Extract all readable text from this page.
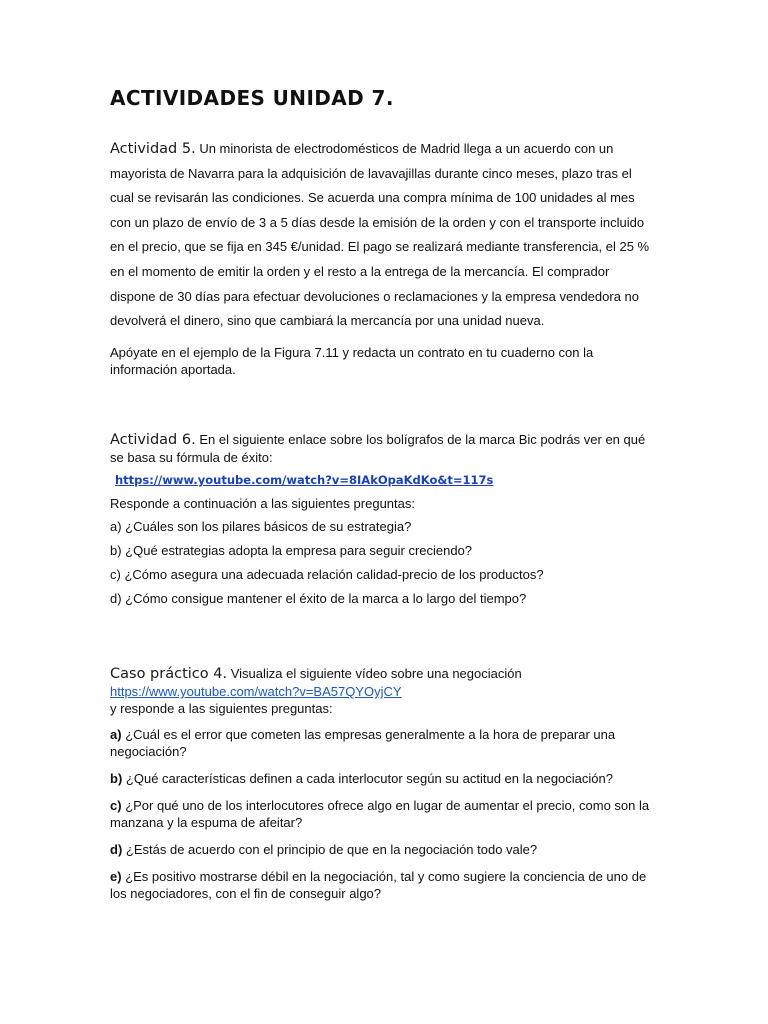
ACTIVIDADES UNIDAD 7.

Actividad 5. Un minorista de electrodomésticos de Madrid llega a un acuerdo con un mayorista de Navarra para la adquisición de lavavajillas durante cinco meses, plazo tras el cual se revisarán las condiciones. Se acuerda una compra mínima de 100 unidades al mes con un plazo de envío de 3 a 5 días desde la emisión de la orden y con el transporte incluido en el precio, que se fija en 345 €/unidad. El pago se realizará mediante transferencia, el 25 % en el momento de emitir la orden y el resto a la entrega de la mercancía. El comprador dispone de 30 días para efectuar devoluciones o reclamaciones y la empresa vendedora no devolverá el dinero, sino que cambiará la mercancía por una unidad nueva.

Apóyate en el ejemplo de la Figura 7.11 y redacta un contrato en tu cuaderno con la información aportada.

Actividad 6. En el siguiente enlace sobre los bolígrafos de la marca Bic podrás ver en qué se basa su fórmula de éxito:

https://www.youtube.com/watch?v=8IAkOpaKdKo&t=117s

Responde a continuación a las siguientes preguntas:

a) ¿Cuáles son los pilares básicos de su estrategia?

b) ¿Qué estrategias adopta la empresa para seguir creciendo?

c) ¿Cómo asegura una adecuada relación calidad-precio de los productos?

d) ¿Cómo consigue mantener el éxito de la marca a lo largo del tiempo?

Caso práctico 4. Visualiza el siguiente vídeo sobre una negociación

https://www.youtube.com/watch?v=BA57QYOyjCY

y responde a las siguientes preguntas:

a) ¿Cuál es el error que cometen las empresas generalmente a la hora de preparar una negociación?

b) ¿Qué características definen a cada interlocutor según su actitud en la negociación?

c) ¿Por qué uno de los interlocutores ofrece algo en lugar de aumentar el precio, como son la manzana y la espuma de afeitar?

d) ¿Estás de acuerdo con el principio de que en la negociación todo vale?

e) ¿Es positivo mostrarse débil en la negociación, tal y como sugiere la conciencia de uno de los negociadores, con el fin de conseguir algo?
